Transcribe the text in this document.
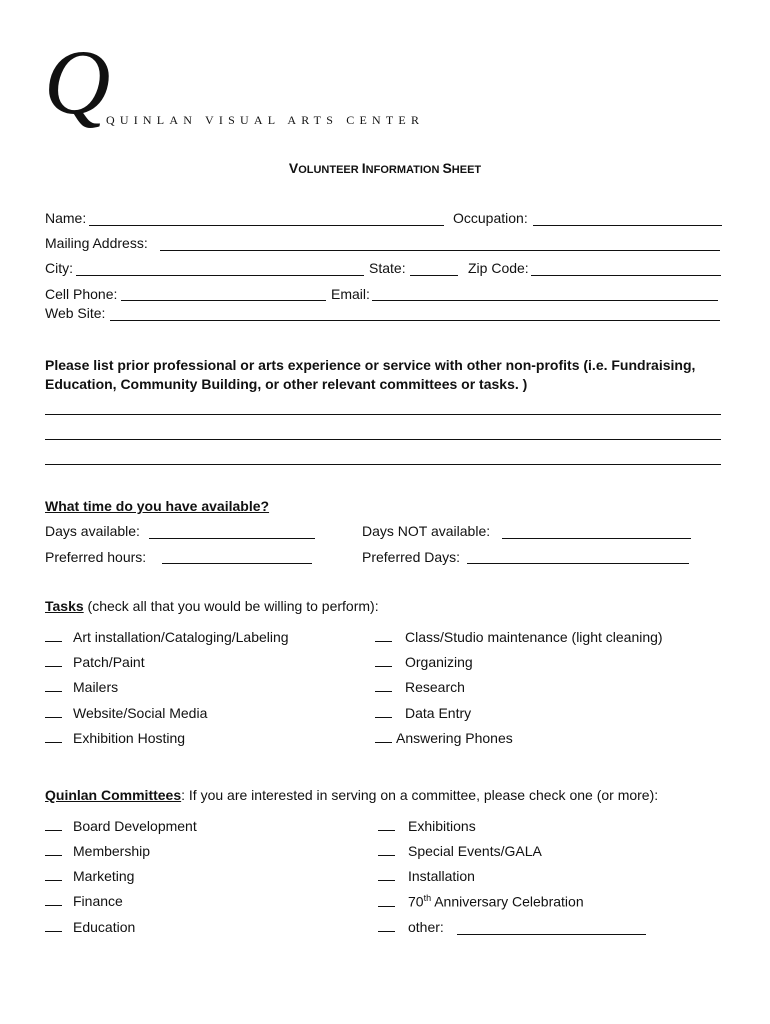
Q QUINLAN VISUAL ARTS CENTER
VOLUNTEER INFORMATION SHEET
Name:	Occupation:
Mailing Address:
City:	State:	Zip Code:
Cell Phone:	Email:
Web Site:
Please list prior professional or arts experience or service with other non-profits (i.e. Fundraising, Education, Community Building, or other relevant committees or tasks. )
What time do you have available?
Days available:	Days NOT available:
Preferred hours:	Preferred Days:
Tasks (check all that you would be willing to perform):
Art installation/Cataloging/Labeling
Patch/Paint
Mailers
Website/Social Media
Exhibition Hosting
Class/Studio maintenance (light cleaning)
Organizing
Research
Data Entry
Answering Phones
Quinlan Committees: If you are interested in serving on a committee, please check one (or more):
Board Development
Membership
Marketing
Finance
Education
Exhibitions
Special Events/GALA
Installation
70th Anniversary Celebration
other:
